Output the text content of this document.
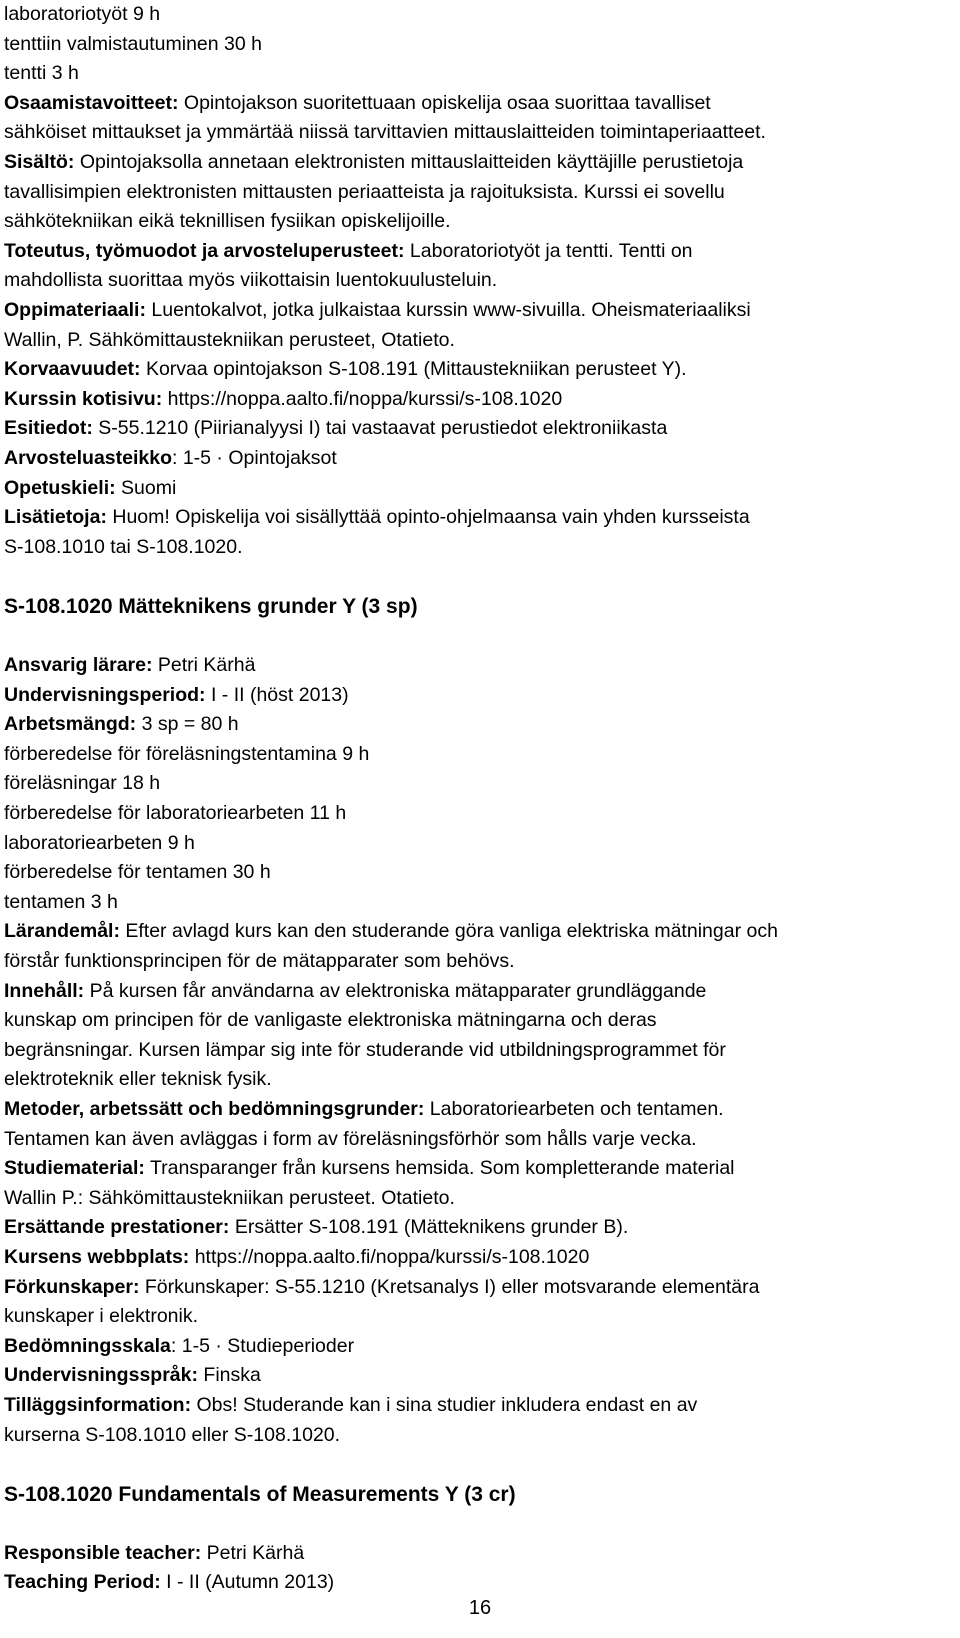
laboratoriotyöt 9 h
tenttiin valmistautuminen 30 h
tentti 3 h
Osaamistavoitteet: Opintojakson suoritettuaan opiskelija osaa suorittaa tavalliset
sähköiset mittaukset ja ymmärtää niissä tarvittavien mittauslaitteiden toimintaperiaatteet.
Sisältö: Opintojaksolla annetaan elektronisten mittauslaitteiden käyttäjille perustietoja
tavallisimpien elektronisten mittausten periaatteista ja rajoituksista. Kurssi ei sovellu
sähkötekniikan eikä teknillisen fysiikan opiskelijoille.
Toteutus, työmuodot ja arvosteluperusteet: Laboratoriotyöt ja tentti. Tentti on
mahdollista suorittaa myös viikottaisin luentokuulusteluin.
Oppimateriaali: Luentokalvot, jotka julkaistaa kurssin www-sivuilla. Oheismateriaaliksi
Wallin, P. Sähkömittaustekniikan perusteet, Otatieto.
Korvaavuudet: Korvaa opintojakson S-108.191 (Mittaustekniikan perusteet Y).
Kurssin kotisivu: https://noppa.aalto.fi/noppa/kurssi/s-108.1020
Esitiedot: S-55.1210 (Piirianalyysi I) tai vastaavat perustiedot elektroniikasta
Arvosteluasteikko: 1-5 · Opintojaksot
Opetuskieli: Suomi
Lisätietoja: Huom! Opiskelija voi sisällyttää opinto-ohjelmaansa vain yhden kursseista
S-108.1010 tai S-108.1020.
S-108.1020 Mätteknikens grunder Y (3 sp)
Ansvarig lärare: Petri Kärhä
Undervisningsperiod: I - II (höst 2013)
Arbetsmängd: 3 sp = 80 h
förberedelse för föreläsningstentamina 9 h
föreläsningar 18 h
förberedelse för laboratoriearbeten 11 h
laboratoriearbeten 9 h
förberedelse för tentamen 30 h
tentamen 3 h
Lärandemål: Efter avlagd kurs kan den studerande göra vanliga elektriska mätningar och
förstår funktionsprincipen för de mätapparater som behövs.
Innehåll: På kursen får användarna av elektroniska mätapparater grundläggande
kunskap om principen för de vanligaste elektroniska mätningarna och deras
begränsningar. Kursen lämpar sig inte för studerande vid utbildningsprogrammet för
elektroteknik eller teknisk fysik.
Metoder, arbetssätt och bedömningsgrunder: Laboratoriearbeten och tentamen.
Tentamen kan även avläggas i form av föreläsningsförhör som hålls varje vecka.
Studiematerial: Transparanger från kursens hemsida. Som kompletterande material
Wallin P.: Sähkömittaustekniikan perusteet. Otatieto.
Ersättande prestationer: Ersätter S-108.191 (Mätteknikens grunder B).
Kursens webbplats: https://noppa.aalto.fi/noppa/kurssi/s-108.1020
Förkunskaper: Förkunskaper: S-55.1210 (Kretsanalys I) eller motsvarande elementära
kunskaper i elektronik.
Bedömningsskala: 1-5 · Studieperioder
Undervisningsspråk: Finska
Tilläggsinformation: Obs! Studerande kan i sina studier inkludera endast en av
kurserna S-108.1010 eller S-108.1020.
S-108.1020 Fundamentals of Measurements Y (3 cr)
Responsible teacher: Petri Kärhä
Teaching Period: I - II (Autumn 2013)
16
